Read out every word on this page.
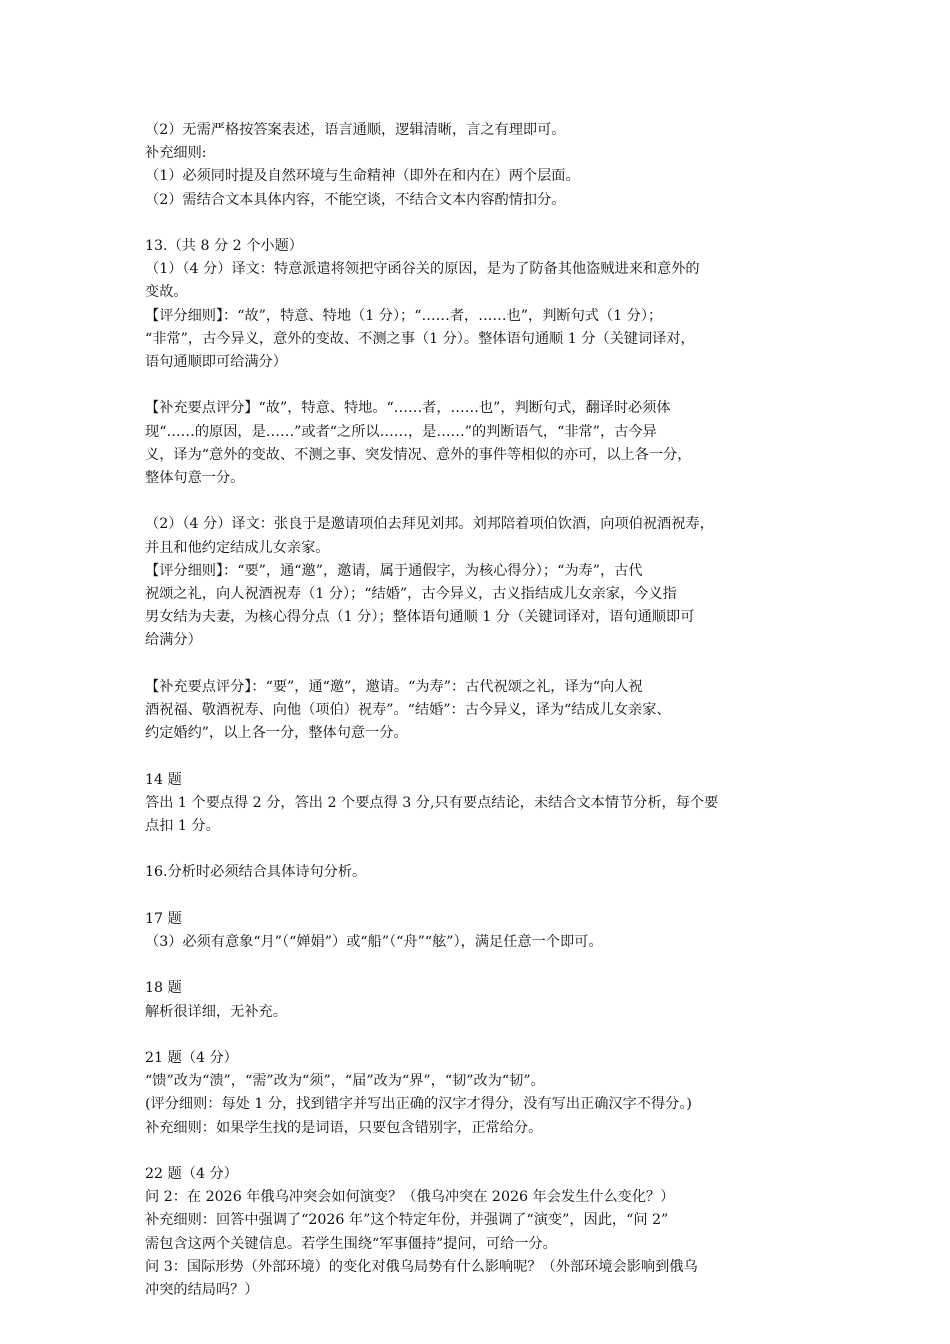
（2）无需严格按答案表述，语言通顺，逻辑清晰，言之有理即可。
补充细则:
（1）必须同时提及自然环境与生命精神（即外在和内在）两个层面。
（2）需结合文本具体内容，不能空谈，不结合文本内容酌情扣分。
13.（共 8 分 2 个小题）
（1）（4 分）译文：特意派遣将领把守函谷关的原因，是为了防备其他盗贼进来和意外的
变故。
【评分细则】：“故”，特意、特地（1 分）；“……者，……也”，判断句式（1 分）；
“非常”，古今异义，意外的变故、不测之事（1 分）。整体语句通顺 1 分（关键词译对，
语句通顺即可给满分）
【补充要点评分】“故”，特意、特地。“……者，……也”，判断句式，翻译时必须体
现“……的原因，是……”或者“之所以……，是……”的判断语气，“非常”，古今异
义，译为“意外的变故、不测之事、突发情况、意外的事件等相似的亦可，以上各一分，
整体句意一分。
（2）（4 分）译文：张良于是邀请项伯去拜见刘邦。刘邦陪着项伯饮酒，向项伯祝酒祝寿，
并且和他约定结成儿女亲家。
【评分细则】：“要”，通“邀”，邀请，属于通假字，为核心得分）；“为寿”，古代
祝颂之礼，向人祝酒祝寿（1 分）；“结婚”，古今异义，古义指结成儿女亲家，今义指
男女结为夫妻，为核心得分点（1 分）；整体语句通顺 1 分（关键词译对，语句通顺即可
给满分）
【补充要点评分】：“要”，通“邀”，邀请。“为寿”：古代祝颂之礼，译为“向人祝
酒祝福、敬酒祝寿、向他（项伯）祝寿”。“结婚”：古今异义，译为“结成儿女亲家、
约定婚约”，以上各一分，整体句意一分。
14 题
答出 1 个要点得 2 分，答出 2 个要点得 3 分,只有要点结论，未结合文本情节分析，每个要
点扣 1 分。
16.分析时必须结合具体诗句分析。
17 题
（3）必须有意象“月”（“婵娟”）或“船”（“舟”“舷”），满足任意一个即可。
18 题
解析很详细，无补充。
21 题（4 分）
“馈”改为“溃”，“需”改为“须”，“届”改为“界”，“韧”改为“韧”。
(评分细则：每处 1 分，找到错字并写出正确的汉字才得分，没有写出正确汉字不得分。)
补充细则：如果学生找的是词语，只要包含错别字，正常给分。
22 题（4 分）
问 2：在 2026 年俄乌冲突会如何演变？（俄乌冲突在 2026 年会发生什么变化？）
补充细则：回答中强调了“2026 年”这个特定年份，并强调了“演变”，因此，“问 2”
需包含这两个关键信息。若学生围绕“军事僵持”提问，可给一分。
问 3：国际形势（外部环境）的变化对俄乌局势有什么影响呢？（外部环境会影响到俄乌
冲突的结局吗？）
